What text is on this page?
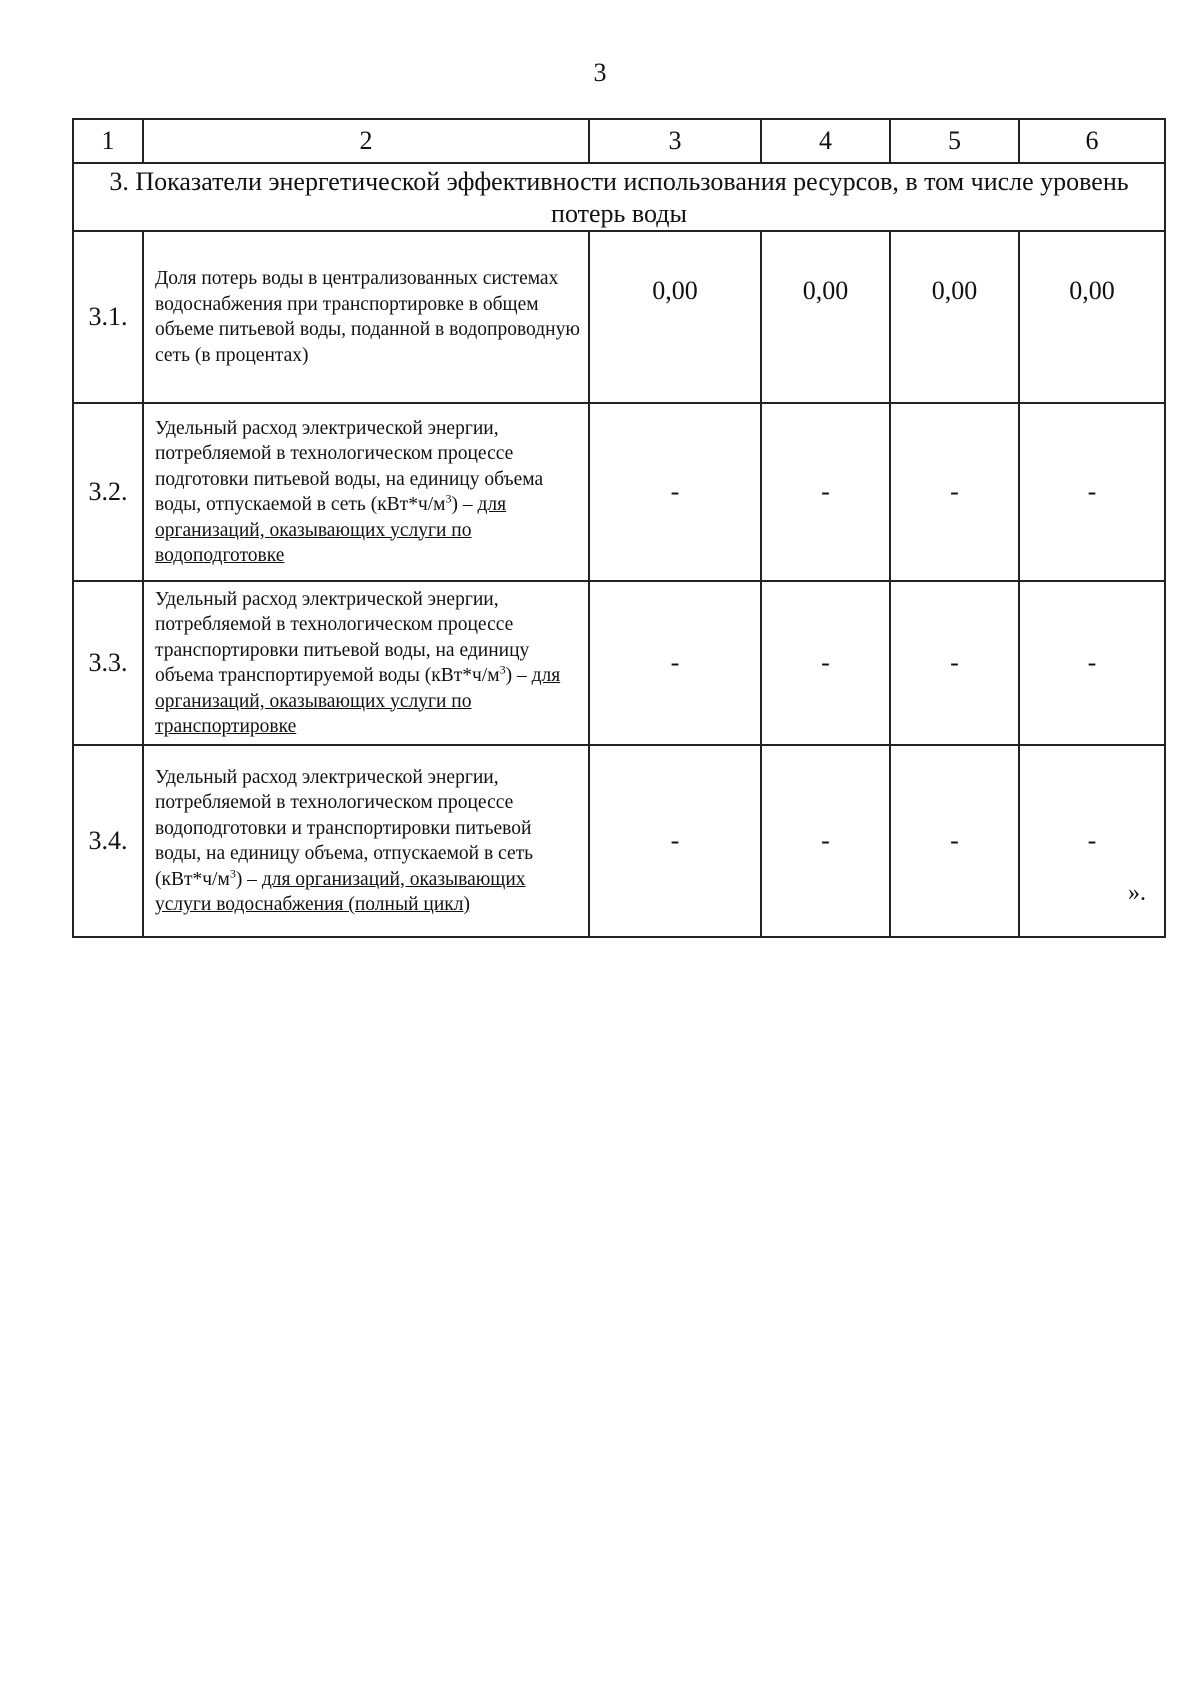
3
1	2	3	4	5	6
3. Показатели энергетической эффективности использования ресурсов, в том числе уровень потерь воды					
3.1.	Доля потерь воды в централизованных системах водоснабжения при транспортировке в общем объеме питьевой воды, поданной в водопроводную сеть (в процентах)	0,00	0,00	0,00	0,00
3.2.	Удельный расход электрической энергии, потребляемой в технологическом процессе подготовки питьевой воды, на единицу объема воды, отпускаемой в сеть $(кВт*ч/м^3)$ – для организаций, оказывающих услуги по водоподготовке	-	-	-	-
3.3.	Удельный расход электрической энергии, потребляемой в технологическом процессе транспортировки питьевой воды, на единицу объема транспортируемой воды $(кВт*ч/м^3)$ – для организаций, оказывающих услуги по транспортировке	-	-	-	-
3.4.	Удельный расход электрической энергии, потребляемой в технологическом процессе водоподготовки и транспортировки питьевой воды, на единицу объема, отпускаемой в сеть $(кВт*ч/м^3)$ – для организаций, оказывающих услуги водоснабжения (полный цикл)	-	-	-	-
».
